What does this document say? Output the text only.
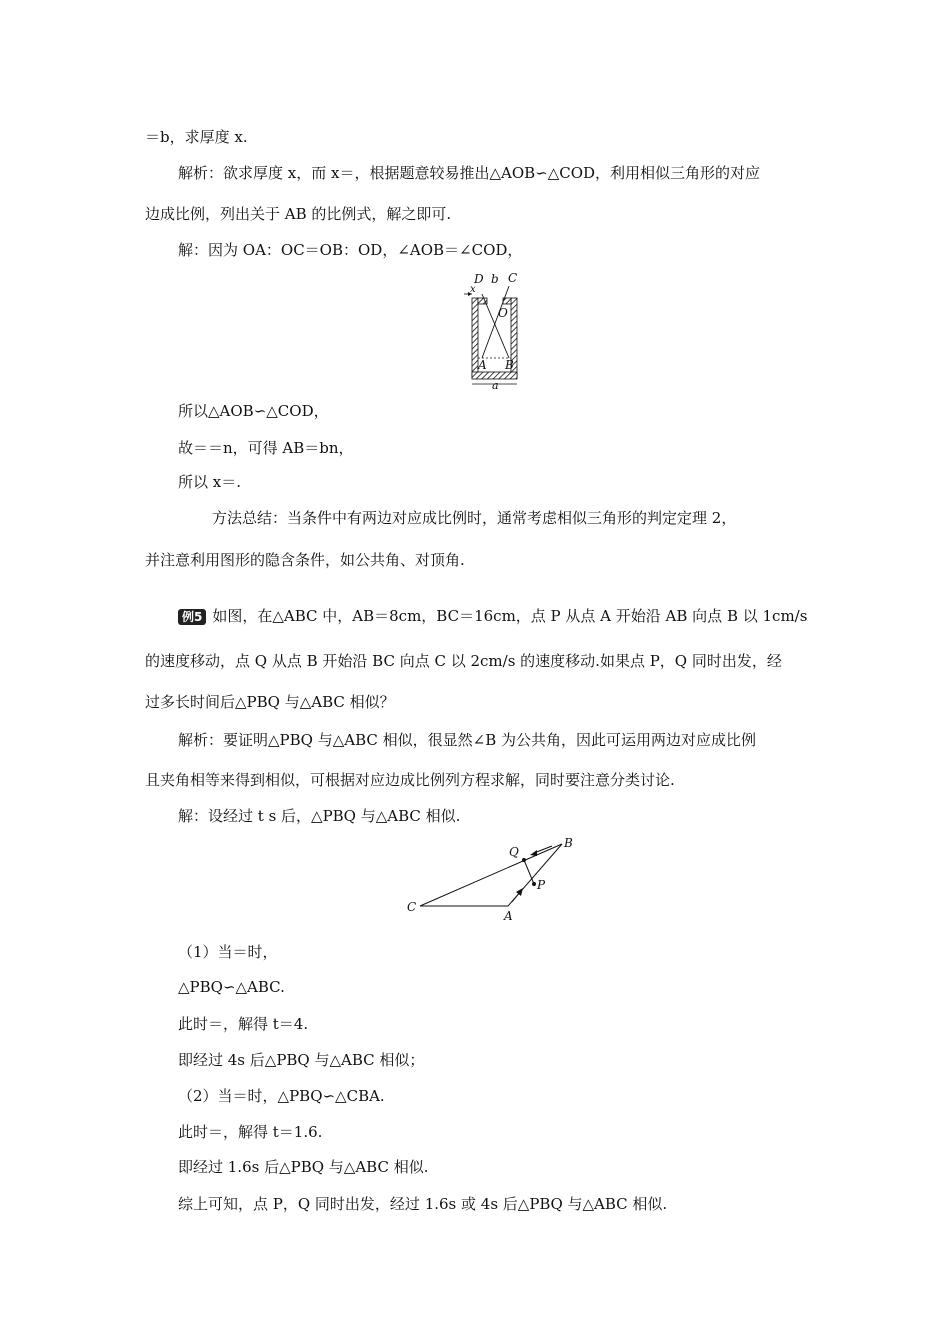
＝b，求厚度 x.
解析：欲求厚度 x，而 x＝，根据题意较易推出△AOB∽△COD，利用相似三角形的对应
边成比例，列出关于 AB 的比例式，解之即可.
解：因为 OA：OC＝OB：OD，∠AOB＝∠COD，
D b C
x
O
A B
a
所以△AOB∽△COD，
故＝＝n，可得 AB＝bn，
所以 x＝.
方法总结：当条件中有两边对应成比例时，通常考虑相似三角形的判定定理 2，
并注意利用图形的隐含条件，如公共角、对顶角.
例5 如图，在△ABC 中，AB＝8cm，BC＝16cm，点 P 从点 A 开始沿 AB 向点 B 以 1cm/s
的速度移动，点 Q 从点 B 开始沿 BC 向点 C 以 2cm/s 的速度移动.如果点 P，Q 同时出发，经
过多长时间后△PBQ 与△ABC 相似？
解析：要证明△PBQ 与△ABC 相似，很显然∠B 为公共角，因此可运用两边对应成比例
且夹角相等来得到相似，可根据对应边成比例列方程求解，同时要注意分类讨论.
解：设经过 t s 后，△PBQ 与△ABC 相似.
Q
B
P
C
A
（1）当＝时，
△PBQ∽△ABC.
此时＝，解得 t＝4.
即经过 4s 后△PBQ 与△ABC 相似；
（2）当＝时，△PBQ∽△CBA.
此时＝，解得 t＝1.6.
即经过 1.6s 后△PBQ 与△ABC 相似.
综上可知，点 P，Q 同时出发，经过 1.6s 或 4s 后△PBQ 与△ABC 相似.
